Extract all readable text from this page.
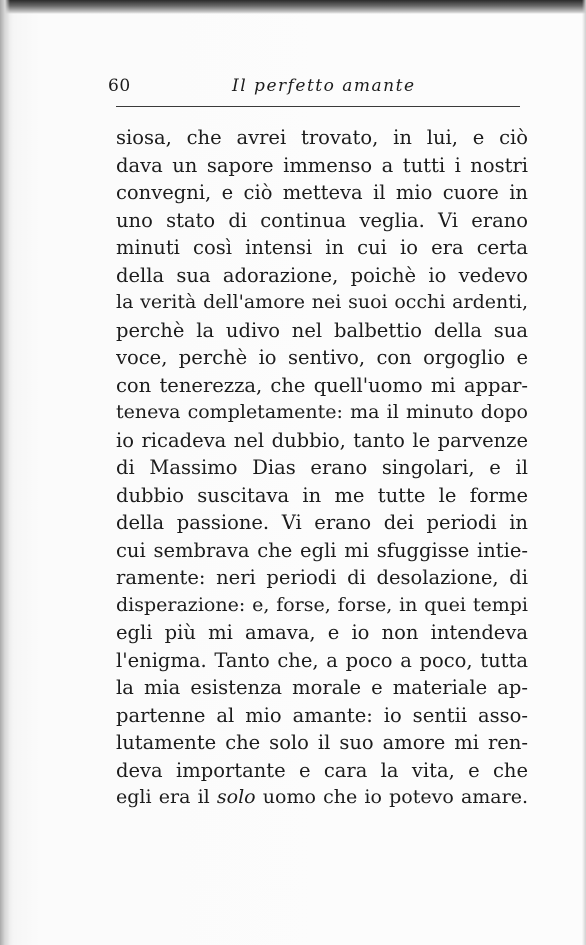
60	Il perfetto amante
siosa, che avrei trovato, in lui, e ciò
dava un sapore immenso a tutti i nostri
convegni, e ciò metteva il mio cuore in
uno stato di continua veglia. Vi erano
minuti così intensi in cui io era certa
della sua adorazione, poichè io vedevo
la verità dell'amore nei suoi occhi ardenti,
perchè la udivo nel balbettio della sua
voce, perchè io sentivo, con orgoglio e
con tenerezza, che quell'uomo mi appar-
teneva completamente: ma il minuto dopo
io ricadeva nel dubbio, tanto le parvenze
di Massimo Dias erano singolari, e il
dubbio suscitava in me tutte le forme
della passione. Vi erano dei periodi in
cui sembrava che egli mi sfuggisse intie-
ramente: neri periodi di desolazione, di
disperazione: e, forse, forse, in quei tempi
egli più mi amava, e io non intendeva
l'enigma. Tanto che, a poco a poco, tutta
la mia esistenza morale e materiale ap-
partenne al mio amante: io sentii asso-
lutamente che solo il suo amore mi ren-
deva importante e cara la vita, e che
egli era il solo uomo che io potevo amare.
